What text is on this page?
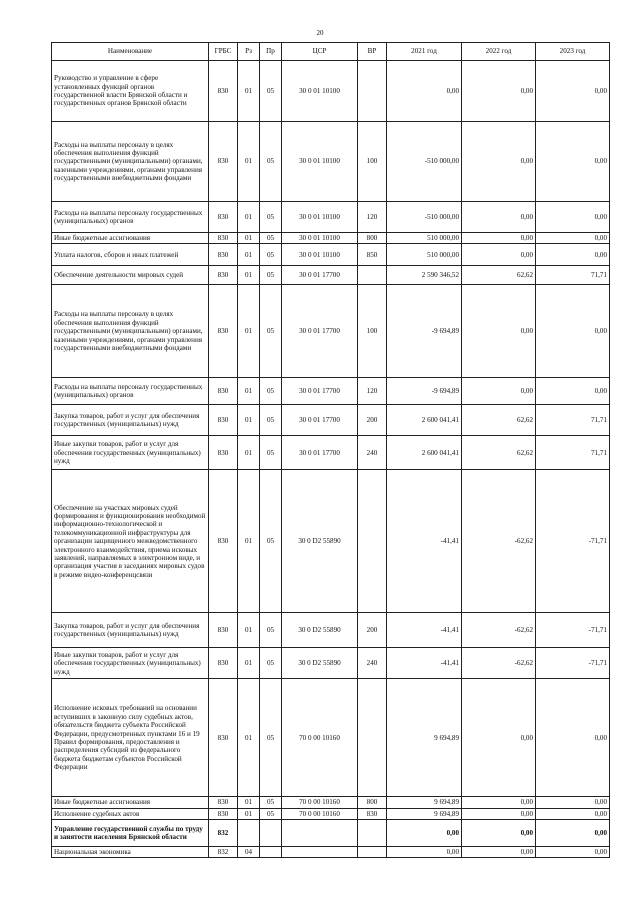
20
Наименование	ГРБС	Рз	Пр	ЦСР	ВР	2021 год	2022 год	2023 год
Руководство и управление в сфере установленных функций органов государственной власти Брянской области и государственных органов Брянской области	830	01	05	30 0 01 10100		0,00	0,00	0,00
Расходы на выплаты персоналу в целях обеспечения выполнения функций государственными (муниципальными) органами, казенными учреждениями, органами управления государственными внебюджетными фондами	830	01	05	30 0 01 10100	100	-510 000,00	0,00	0,00
Расходы на выплаты персоналу государственных (муниципальных) органов	830	01	05	30 0 01 10100	120	-510 000,00	0,00	0,00
Иные бюджетные ассигнования	830	01	05	30 0 01 10100	800	510 000,00	0,00	0,00
Уплата налогов, сборов и иных платежей	830	01	05	30 0 01 10100	850	510 000,00	0,00	0,00
Обеспечение деятельности мировых судей	830	01	05	30 0 01 17700		2 590 346,52	62,62	71,71
Расходы на выплаты персоналу в целях обеспечения выполнения функций государственными (муниципальными) органами, казенными учреждениями, органами управления государственными внебюджетными фондами	830	01	05	30 0 01 17700	100	-9 694,89	0,00	0,00
Расходы на выплаты персоналу государственных (муниципальных) органов	830	01	05	30 0 01 17700	120	-9 694,89	0,00	0,00
Закупка товаров, работ и услуг для обеспечения государственных (муниципальных) нужд	830	01	05	30 0 01 17700	200	2 600 041,41	62,62	71,71
Иные закупки товаров, работ и услуг для обеспечения государственных (муниципальных) нужд	830	01	05	30 0 01 17700	240	2 600 041,41	62,62	71,71
Обеспечение на участках мировых судей формирования и функционирования необходимой информационно-технологической и телекоммуникационной инфраструктуры для организации защищенного межведомственного электронного взаимодействия, приема исковых заявлений, направляемых в электронном виде, и организация участия в заседаниях мировых судов в режиме видео-конференцсвязи	830	01	05	30 0 D2 55890		-41,41	-62,62	-71,71
Закупка товаров, работ и услуг для обеспечения государственных (муниципальных) нужд	830	01	05	30 0 D2 55890	200	-41,41	-62,62	-71,71
Иные закупки товаров, работ и услуг для обеспечения государственных (муниципальных) нужд	830	01	05	30 0 D2 55890	240	-41,41	-62,62	-71,71
Исполнение исковых требований на основании вступивших в законную силу судебных актов, обязательств бюджета субъекта Российской Федерации, предусмотренных пунктами 16 и 19 Правил формирования, предоставления и распределения субсидий из федерального бюджета бюджетам субъектов Российской Федерации	830	01	05	70 0 00 10160		9 694,89	0,00	0,00
Иные бюджетные ассигнования	830	01	05	70 0 00 10160	800	9 694,89	0,00	0,00
Исполнение судебных актов	830	01	05	70 0 00 10160	830	9 694,89	0,00	0,00
Управление государственной службы по труду и занятости населения Брянской области	832					0,00	0,00	0,00
Национальная экономика	832	04				0,00	0,00	0,00
